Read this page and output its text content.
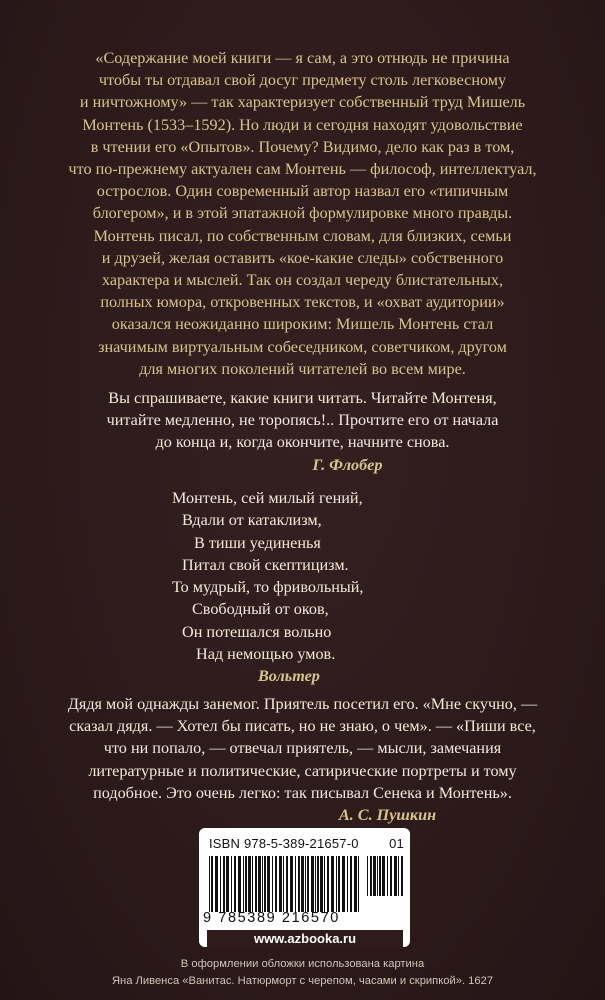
«Содержание моей книги — я сам, а это отнюдь не причина
чтобы ты отдавал свой досуг предмету столь легковесному
и ничтожному» — так характеризует собственный труд Мишель
Монтень (1533–1592). Но люди и сегодня находят удовольствие
в чтении его «Опытов». Почему? Видимо, дело как раз в том,
что по-прежнему актуален сам Монтень — философ, интеллектуал,
острослов. Один современный автор назвал его «типичным
блогером», и в этой эпатажной формулировке много правды.
Монтень писал, по собственным словам, для близких, семьи
и друзей, желая оставить «кое-какие следы» собственного
характера и мыслей. Так он создал череду блистательных,
полных юмора, откровенных текстов, и «охват аудитории»
оказался неожиданно широким: Мишель Монтень стал
значимым виртуальным собеседником, советчиком, другом
для многих поколений читателей во всем мире.
Вы спрашиваете, какие книги читать. Читайте Монтеня,
читайте медленно, не торопясь!.. Прочтите его от начала
до конца и, когда окончите, начните снова.
Г. Флобер
Монтень, сей милый гений,
Вдали от катаклизм,
В тиши уединенья
Питал свой скептицизм.
То мудрый, то фривольный,
Свободный от оков,
Он потешался вольно
Над немощью умов.
Вольтер
Дядя мой однажды занемог. Приятель посетил его. «Мне скучно, —
сказал дядя. — Хотел бы писать, но не знаю, о чем». — «Пиши все,
что ни попало, — отвечал приятель, — мысли, замечания
литературные и политические, сатирические портреты и тому
подобное. Это очень легко: так писывал Сенека и Монтень».
А. С. Пушкин
ISBN 978-5-389-21657-0 01
9 785389 216570
www.azbooka.ru
В оформлении обложки использована картина
Яна Ливенса «Ванитас. Натюрморт с черепом, часами и скрипкой». 1627
